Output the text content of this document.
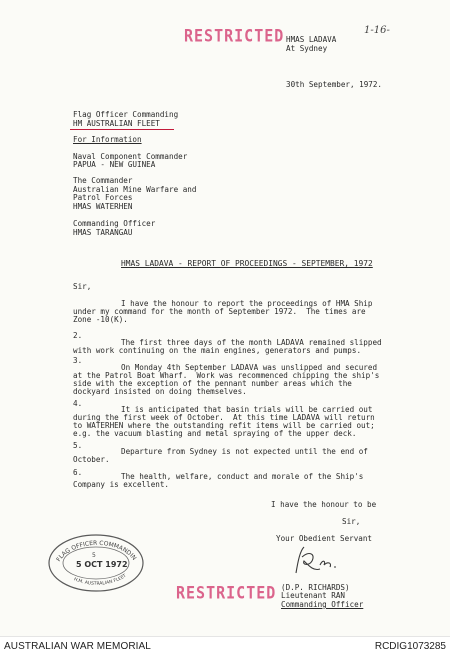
RESTRICTED	1-16-
HMAS LADAVA
At Sydney
30th September, 1972.
Flag Officer Commanding
HM AUSTRALIAN FLEET
For Information
Naval Component Commander
PAPUA - NEW GUINEA
The Commander
Australian Mine Warfare and
Patrol Forces
HMAS WATERHEN
Commanding Officer
HMAS TARANGAU
HMAS LADAVA - REPORT OF PROCEEDINGS - SEPTEMBER, 1972
Sir,
I have the honour to report the proceedings of HMA Ship
under my command for the month of September 1972.  The times are
Zone -10(K).
2.
The first three days of the month LADAVA remained slipped
with work continuing on the main engines, generators and pumps.
3.
On Monday 4th September LADAVA was unslipped and secured
at the Patrol Boat Wharf.  Work was recommenced chipping the ship's
side with the exception of the pennant number areas which the
dockyard insisted on doing themselves.
4.
It is anticipated that basin trials will be carried out
during the first week of October.  At this time LADAVA will return
to WATERHEN where the outstanding refit items will be carried out;
e.g. the vacuum blasting and metal spraying of the upper deck.
5.
Departure from Sydney is not expected until the end of
October.
6.	The health, welfare, conduct and morale of the Ship's
Company is excellent.
I have the honour to be
Sir,
Your Obedient Servant
(D.P. RICHARDS)
Lieutenant RAN
Commanding Officer
RESTRICTED
FLAG OFFICER COMMANDIN
5
5 OCT 1972
H.M. AUSTRALIAN FLEET
AUSTRALIAN WAR MEMORIAL	RCDIG1073285
